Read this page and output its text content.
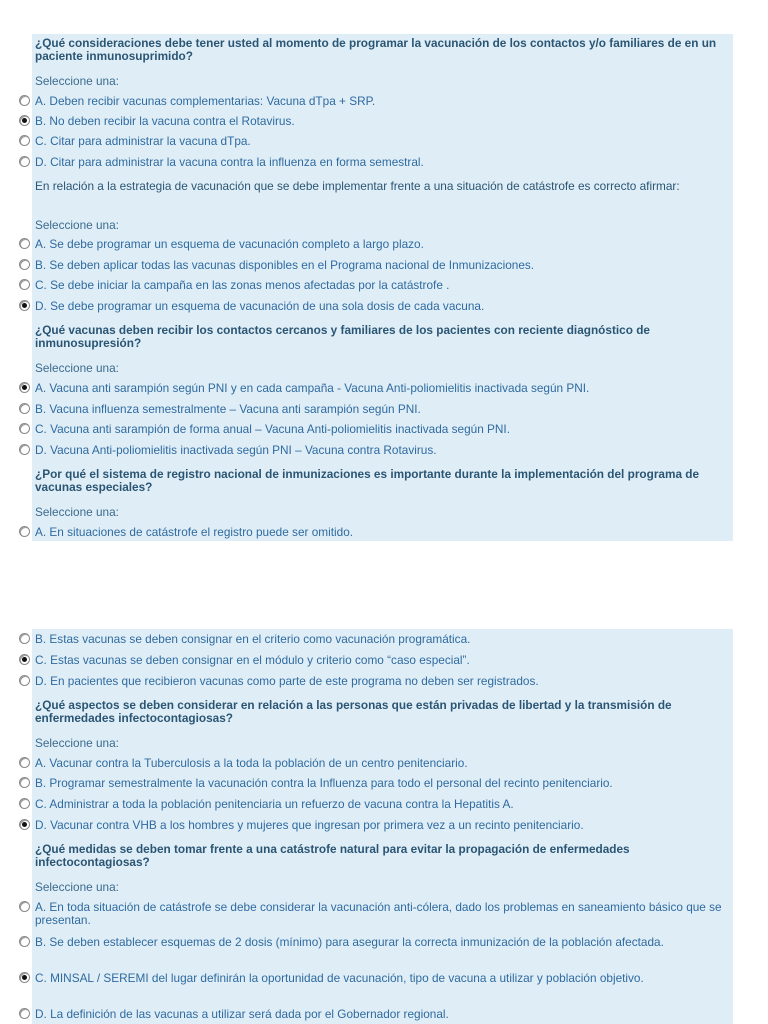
¿Qué consideraciones debe tener usted al momento de programar la vacunación de los contactos y/o familiares de en un paciente inmunosuprimido?
Seleccione una:
A. Deben recibir vacunas complementarias: Vacuna dTpa + SRP.
B. No deben recibir la vacuna contra el Rotavirus.
C. Citar para administrar la vacuna dTpa.
D. Citar para administrar la vacuna contra la influenza en forma semestral.
En relación a la estrategia de vacunación que se debe implementar frente a una situación de catástrofe es correcto afirmar:
Seleccione una:
A. Se debe programar un esquema de vacunación completo a largo plazo.
B. Se deben aplicar todas las vacunas disponibles en el Programa nacional de Inmunizaciones.
C. Se debe iniciar la campaña en las zonas menos afectadas por la catástrofe .
D. Se debe programar un esquema de vacunación de una sola dosis de cada vacuna.
¿Qué vacunas deben recibir los contactos cercanos y familiares de los pacientes con reciente diagnóstico de inmunosupresión?
Seleccione una:
A. Vacuna anti sarampión según PNI y en cada campaña - Vacuna Anti-poliomielitis inactivada según PNI.
B. Vacuna influenza semestralmente – Vacuna anti sarampión según PNI.
C. Vacuna anti sarampión de forma anual – Vacuna Anti-poliomielitis inactivada según PNI.
D. Vacuna Anti-poliomielitis inactivada según PNI – Vacuna contra Rotavirus.
¿Por qué el sistema de registro nacional de inmunizaciones es importante durante la implementación del programa de vacunas especiales?
Seleccione una:
A. En situaciones de catástrofe el registro puede ser omitido.
B. Estas vacunas se deben consignar en el criterio como vacunación programática.
C. Estas vacunas se deben consignar en el módulo y criterio como “caso especial”.
D. En pacientes que recibieron vacunas como parte de este programa no deben ser registrados.
¿Qué aspectos se deben considerar en relación a las personas que están privadas de libertad y la transmisión de enfermedades infectocontagiosas?
Seleccione una:
A. Vacunar contra la Tuberculosis a la toda la población de un centro penitenciario.
B. Programar semestralmente la vacunación contra la Influenza para todo el personal del recinto penitenciario.
C. Administrar a toda la población penitenciaria un refuerzo de vacuna contra la Hepatitis A.
D. Vacunar contra VHB a los hombres y mujeres que ingresan por primera vez a un recinto penitenciario.
¿Qué medidas se deben tomar frente a una catástrofe natural para evitar la propagación de enfermedades infectocontagiosas?
Seleccione una:
A. En toda situación de catástrofe se debe considerar la vacunación anti-cólera, dado los problemas en saneamiento básico que se presentan.
B. Se deben establecer esquemas de 2 dosis (mínimo) para asegurar la correcta inmunización de la población afectada.
C. MINSAL / SEREMI del lugar definirán la oportunidad de vacunación, tipo de vacuna a utilizar y población objetivo.
D. La definición de las vacunas a utilizar será dada por el Gobernador regional.
